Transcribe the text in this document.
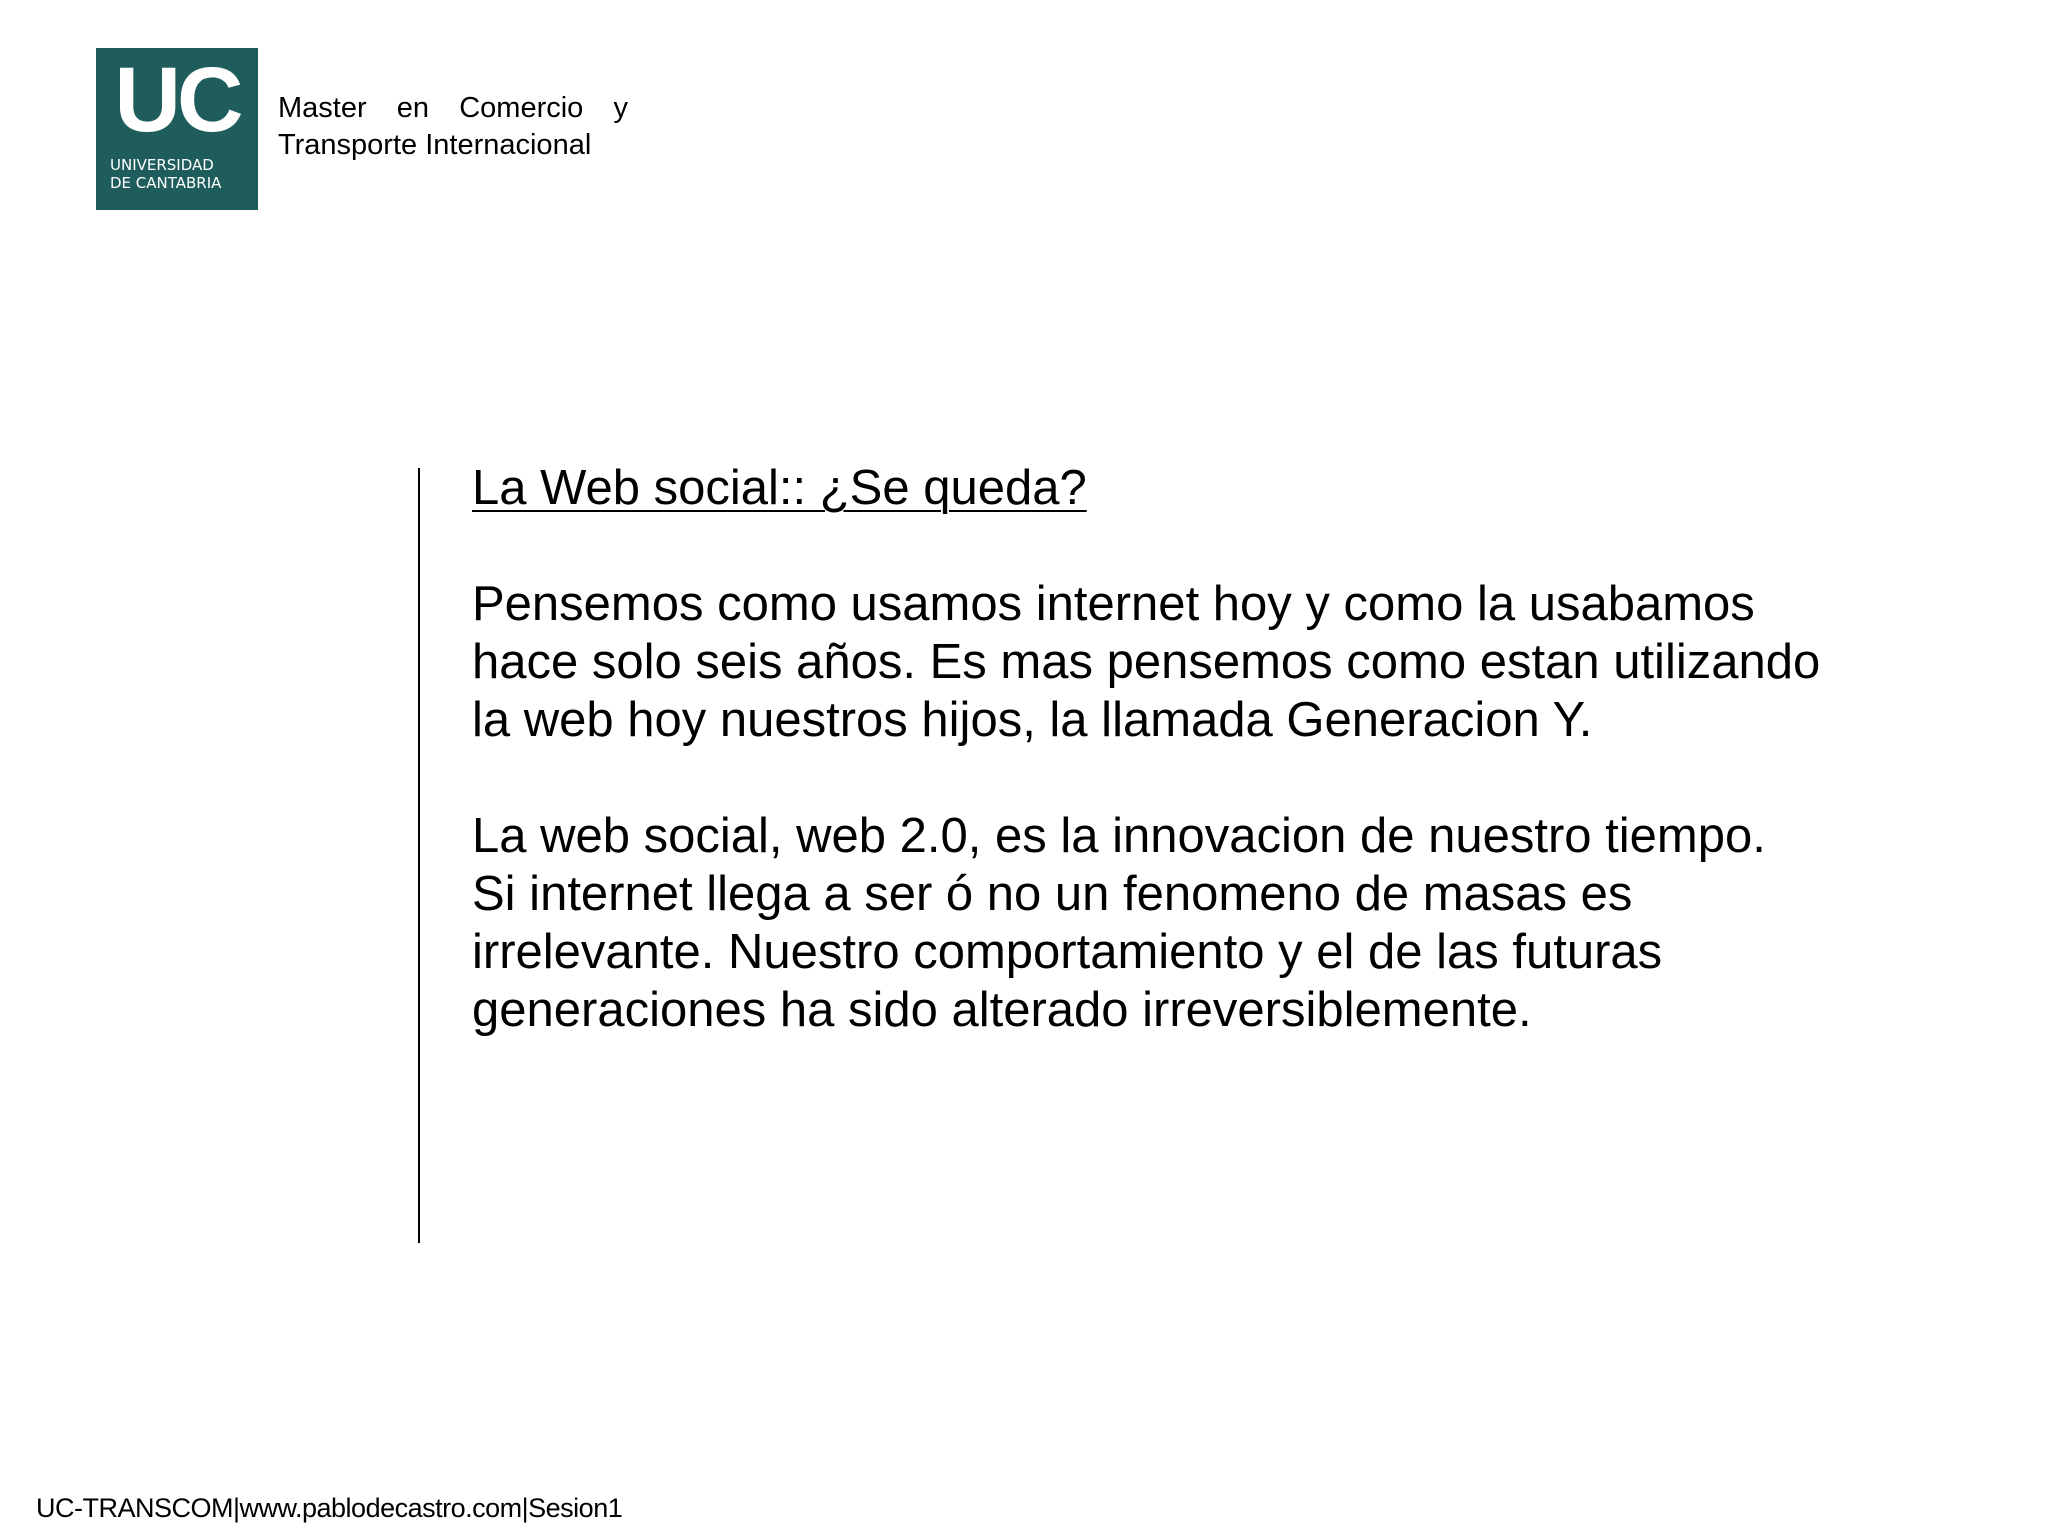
UC
UNIVERSIDAD
DE CANTABRIA
Master en Comercio y
Transporte Internacional
La Web social:: ¿Se queda?
Pensemos como usamos internet hoy y como la usabamos
hace solo seis años. Es mas pensemos como estan utilizando
la web hoy nuestros hijos, la llamada Generacion Y.
La web social, web 2.0, es la innovacion de nuestro tiempo.
Si internet llega a ser ó no un fenomeno de masas es
irrelevante. Nuestro comportamiento y el de las futuras
generaciones ha sido alterado irreversiblemente.
UC-TRANSCOM|www.pablodecastro.com|Sesion1
